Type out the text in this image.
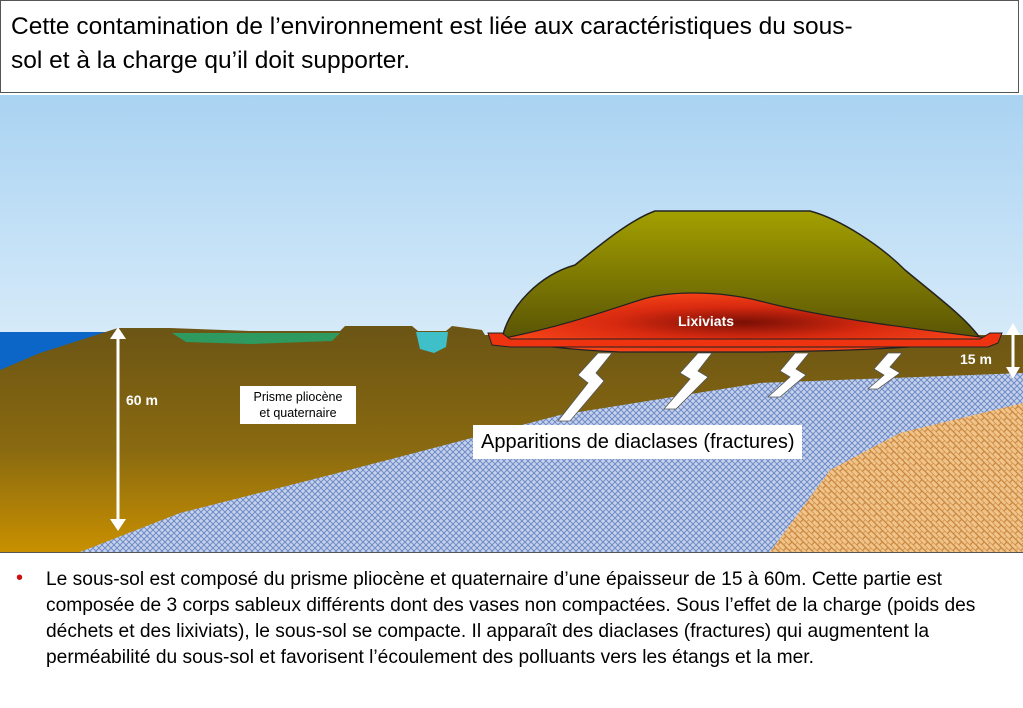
Cette contamination de l’environnement est liée aux caractéristiques du sous-
sol et à la charge qu’il doit supporter.
60 m
15 m
Lixiviats
Prisme pliocène
et quaternaire
Apparitions de diaclases (fractures)
• Le sous-sol est composé du prisme pliocène et quaternaire d’une épaisseur de 15 à 60m. Cette partie est composée de 3 corps sableux différents dont des vases non compactées. Sous l’effet de la charge (poids des déchets et des lixiviats), le sous-sol se compacte. Il apparaît des diaclases (fractures) qui augmentent la perméabilité du sous-sol et favorisent l’écoulement des polluants vers les étangs et la mer.
